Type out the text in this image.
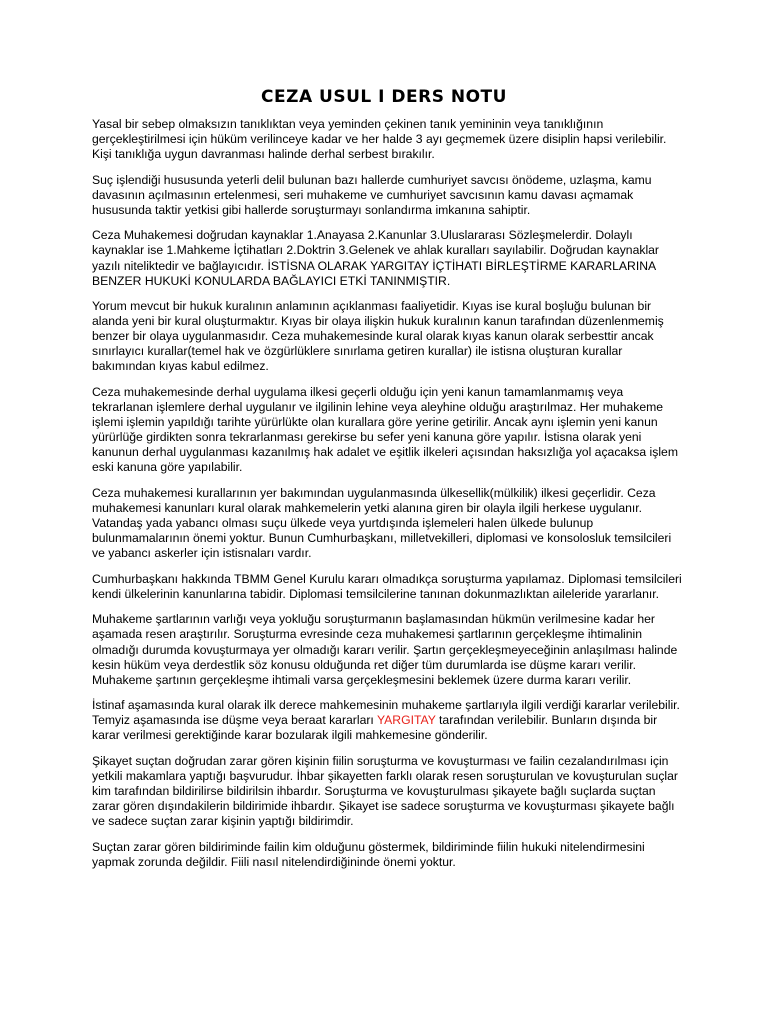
CEZA USUL I DERS NOTU

Yasal bir sebep olmaksızın tanıklıktan veya yeminden çekinen tanık yemininin veya tanıklığının gerçekleştirilmesi için hüküm verilinceye kadar ve her halde 3 ayı geçmemek üzere disiplin hapsi verilebilir. Kişi tanıklığa uygun davranması halinde derhal serbest bırakılır.

Suç işlendiği hususunda yeterli delil bulunan bazı hallerde cumhuriyet savcısı önödeme, uzlaşma, kamu davasının açılmasının ertelenmesi, seri muhakeme ve cumhuriyet savcısının kamu davası açmamak hususunda taktir yetkisi gibi hallerde soruşturmayı sonlandırma imkanına sahiptir.

Ceza Muhakemesi doğrudan kaynaklar 1.Anayasa 2.Kanunlar 3.Uluslararası Sözleşmelerdir. Dolaylı kaynaklar ise 1.Mahkeme İçtihatları 2.Doktrin 3.Gelenek ve ahlak kuralları sayılabilir. Doğrudan kaynaklar yazılı niteliktedir ve bağlayıcıdır. İSTİSNA OLARAK YARGITAY İÇTİHATI BİRLEŞTİRME KARARLARINA BENZER HUKUKİ KONULARDA BAĞLAYICI ETKİ TANINMIŞTIR.

Yorum mevcut bir hukuk kuralının anlamının açıklanması faaliyetidir. Kıyas ise kural boşluğu bulunan bir alanda yeni bir kural oluşturmaktır. Kıyas bir olaya ilişkin hukuk kuralının kanun tarafından düzenlenmemiş benzer bir olaya uygulanmasıdır. Ceza muhakemesinde kural olarak kıyas kanun olarak serbesttir ancak sınırlayıcı kurallar(temel hak ve özgürlüklere sınırlama getiren kurallar) ile istisna oluşturan kurallar bakımından kıyas kabul edilmez.

Ceza muhakemesinde derhal uygulama ilkesi geçerli olduğu için yeni kanun tamamlanmamış veya tekrarlanan işlemlere derhal uygulanır ve ilgilinin lehine veya aleyhine olduğu araştırılmaz. Her muhakeme işlemi işlemin yapıldığı tarihte yürürlükte olan kurallara göre yerine getirilir. Ancak aynı işlemin yeni kanun yürürlüğe girdikten sonra tekrarlanması gerekirse bu sefer yeni kanuna göre yapılır. İstisna olarak yeni kanunun derhal uygulanması kazanılmış hak adalet ve eşitlik ilkeleri açısından haksızlığa yol açacaksa işlem eski kanuna göre yapılabilir.

Ceza muhakemesi kurallarının yer bakımından uygulanmasında ülkesellik(mülkilik) ilkesi geçerlidir. Ceza muhakemesi kanunları kural olarak mahkemelerin yetki alanına giren bir olayla ilgili herkese uygulanır. Vatandaş yada yabancı olması suçu ülkede veya yurtdışında işlemeleri halen ülkede bulunup bulunmamalarının önemi yoktur. Bunun Cumhurbaşkanı, milletvekilleri, diplomasi ve konsolosluk temsilcileri ve yabancı askerler için istisnaları vardır.

Cumhurbaşkanı hakkında TBMM Genel Kurulu kararı olmadıkça soruşturma yapılamaz. Diplomasi temsilcileri kendi ülkelerinin kanunlarına tabidir. Diplomasi temsilcilerine tanınan dokunmazlıktan aileleride yararlanır.

Muhakeme şartlarının varlığı veya yokluğu soruşturmanın başlamasından hükmün verilmesine kadar her aşamada resen araştırılır. Soruşturma evresinde ceza muhakemesi şartlarının gerçekleşme ihtimalinin olmadığı durumda kovuşturmaya yer olmadığı kararı verilir. Şartın gerçekleşmeyeceğinin anlaşılması halinde kesin hüküm veya derdestlik söz konusu olduğunda ret diğer tüm durumlarda ise düşme kararı verilir. Muhakeme şartının gerçekleşme ihtimali varsa gerçekleşmesini beklemek üzere durma kararı verilir.

İstinaf aşamasında kural olarak ilk derece mahkemesinin muhakeme şartlarıyla ilgili verdiği kararlar verilebilir. Temyiz aşamasında ise düşme veya beraat kararları YARGITAY tarafından verilebilir. Bunların dışında bir karar verilmesi gerektiğinde karar bozularak ilgili mahkemesine gönderilir.

Şikayet suçtan doğrudan zarar gören kişinin fiilin soruşturma ve kovuşturması ve failin cezalandırılması için yetkili makamlara yaptığı başvurudur. İhbar şikayetten farklı olarak resen soruşturulan ve kovuşturulan suçlar kim tarafından bildirilirse bildirilsin ihbardır. Soruşturma ve kovuşturulması şikayete bağlı suçlarda suçtan zarar gören dışındakilerin bildirimide ihbardır. Şikayet ise sadece soruşturma ve kovuşturması şikayete bağlı ve sadece suçtan zarar kişinin yaptığı bildirimdir.

Suçtan zarar gören bildiriminde failin kim olduğunu göstermek, bildiriminde fiilin hukuki nitelendirmesini yapmak zorunda değildir. Fiili nasıl nitelendirdiğininde önemi yoktur.
